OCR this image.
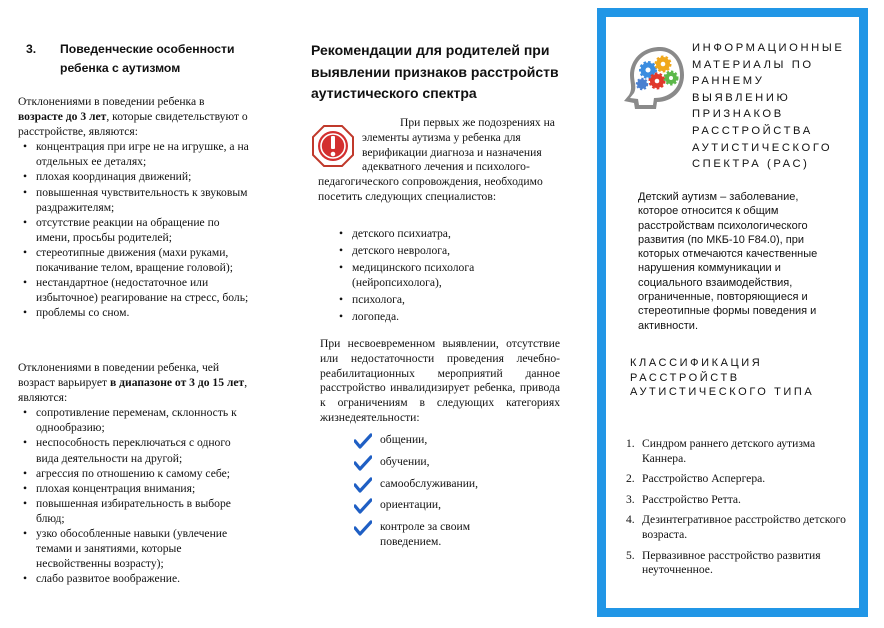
3. Поведенческие особенности ребенка с аутизмом

Отклонениями в поведении ребенка в возрасте до 3 лет, которые свидетельствуют о расстройстве, являются:

• концентрация при игре не на игрушке, а на отдельных ее деталях;
• плохая координация движений;
• повышенная чувствительность к звуковым раздражителям;
• отсутствие реакции на обращение по имени, просьбы родителей;
• стереотипные движения (махи руками, покачивание телом, вращение головой);
• нестандартное (недостаточное или избыточное) реагирование на стресс, боль;
• проблемы со сном.

Отклонениями в поведении ребенка, чей возраст варьирует в диапазоне от 3 до 15 лет, являются:

• сопротивление переменам, склонность к однообразию;
• неспособность переключаться с одного вида деятельности на другой;
• агрессия по отношению к самому себе;
• плохая концентрация внимания;
• повышенная избирательность в выборе блюд;
• узко обособленные навыки (увлечение темами и занятиями, которые несвойственны возрасту);
• слабо развитое воображение.
Рекомендации для родителей при выявлении признаков расстройств аутистического спектра
При первых же подозрениях на элементы аутизма у ребенка для верификации диагноза и назначения адекватного лечения и психолого-педагогического сопровождения, необходимо посетить следующих специалистов:
• детского психиатра,
• детского невролога,
• медицинского психолога (нейропсихолога),
• психолога,
• логопеда.
При несвоевременном выявлении, отсутствие или недостаточности проведения лечебно-реабилитационных мероприятий данное расстройство инвалидизирует ребенка, привода к ограничениям в следующих категориях жизнедеятельности:
общении,
обучении,
самообслуживании,
ориентации,
контроле за своим поведением.
ИНФОРМАЦИОННЫЕ МАТЕРИАЛЫ ПО РАННЕМУ ВЫЯВЛЕНИЮ ПРИЗНАКОВ РАССТРОЙСТВА АУТИСТИЧЕСКОГО СПЕКТРА (РАС)
Детский аутизм – заболевание, которое относится к общим расстройствам психологического развития (по МКБ-10 F84.0), при которых отмечаются качественные нарушения коммуникации и социального взаимодействия, ограниченные, повторяющиеся и стереотипные формы поведения и активности.
КЛАССИФИКАЦИЯ РАССТРОЙСТВ АУТИСТИЧЕСКОГО ТИПА
1. Синдром раннего детского аутизма Каннера.
2. Расстройство Аспергера.
3. Расстройство Ретта.
4. Дезинтегративное расстройство детского возраста.
5. Первазивное расстройство развития неуточненное.
